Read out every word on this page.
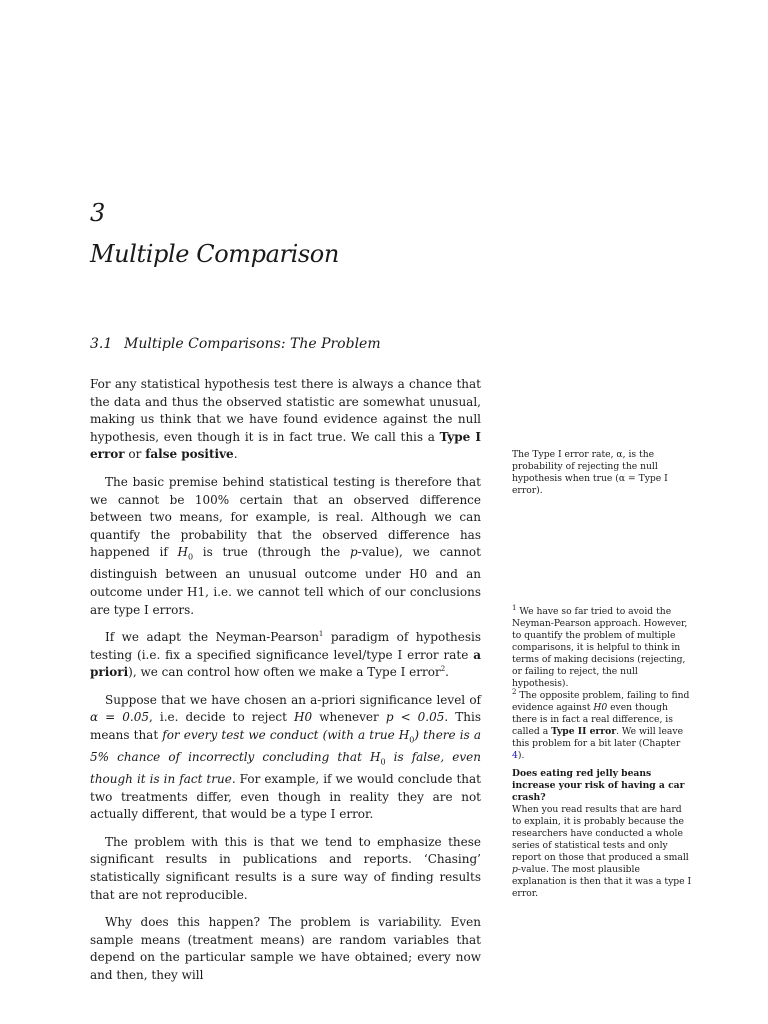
3
Multiple Comparison
3.1 Multiple Comparisons: The Problem

For any statistical hypothesis test there is always a chance that the data and thus the observed statistic are somewhat unusual, making us think that we have found evidence against the null hypothesis, even though it is in fact true. We call this a Type I error or false positive.

The basic premise behind statistical testing is therefore that we cannot be 100% certain that an observed difference between two means, for example, is real. Although we can quantify the probability that the observed difference has happened if $H_0$ is true (through the p-value), we cannot distinguish between an unusual outcome under H0 and an outcome under H1, i.e. we cannot tell which of our conclusions are type I errors.

If we adapt the Neyman-Pearson$^1$ paradigm of hypothesis testing (i.e. fix a specified significance level/type I error rate a priori), we can control how often we make a Type I error$^2$.

Suppose that we have chosen an a-priori significance level of α = 0.05, i.e. decide to reject H0 whenever p < 0.05. This means that for every test we conduct (with a true $H_0$) there is a 5% chance of incorrectly concluding that $H_0$ is false, even though it is in fact true. For example, if we would conclude that two treatments differ, even though in reality they are not actually different, that would be a type I error.

The problem with this is that we tend to emphasize these significant results in publications and reports. ‘Chasing’ statistically significant results is a sure way of finding results that are not reproducible.

Why does this happen? The problem is variability. Even sample means (treatment means) are random variables that depend on the particular sample we have obtained; every now and then, they will

The Type I error rate, α, is the probability of rejecting the null hypothesis when true (α = Type I error).

$^1$ We have so far tried to avoid the Neyman-Pearson approach. However, to quantify the problem of multiple comparisons, it is helpful to think in terms of making decisions (rejecting, or failing to reject, the null hypothesis).

$^2$ The opposite problem, failing to find evidence against H0 even though there is in fact a real difference, is called a Type II error. We will leave this problem for a bit later (Chapter 4).

Does eating red jelly beans increase your risk of having a car crash?

When you read results that are hard to explain, it is probably because the researchers have conducted a whole series of statistical tests and only report on those that produced a small p-value. The most plausible explanation is then that it was a type I error.
